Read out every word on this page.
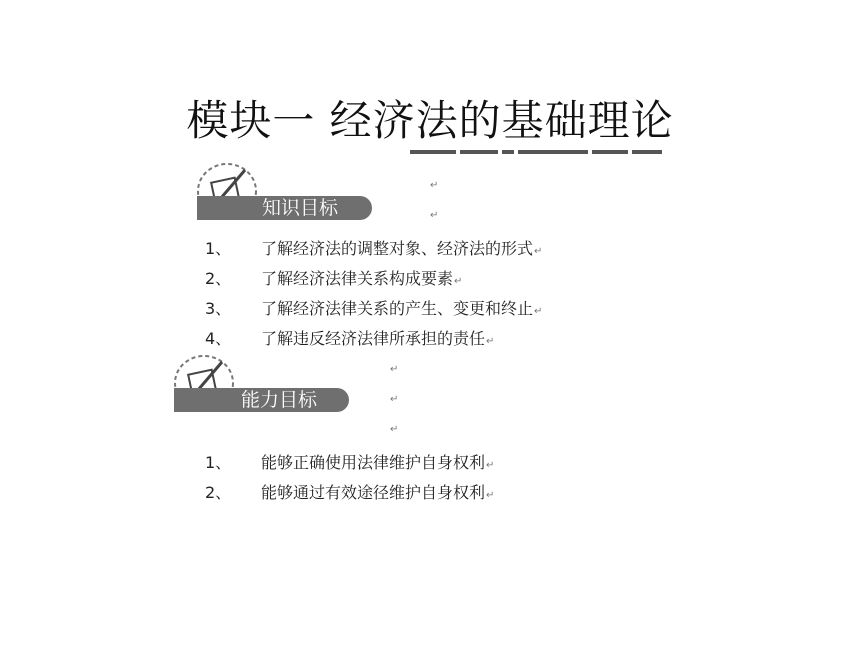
模块一 经济法的基础理论
知识目标
↵
↵
1、 了解经济法的调整对象、经济法的形式↵
2、 了解经济法律关系构成要素↵
3、 了解经济法律关系的产生、变更和终止↵
4、 了解违反经济法律所承担的责任↵
能力目标
↵
↵
↵
1、 能够正确使用法律维护自身权利↵
2、 能够通过有效途径维护自身权利↵
